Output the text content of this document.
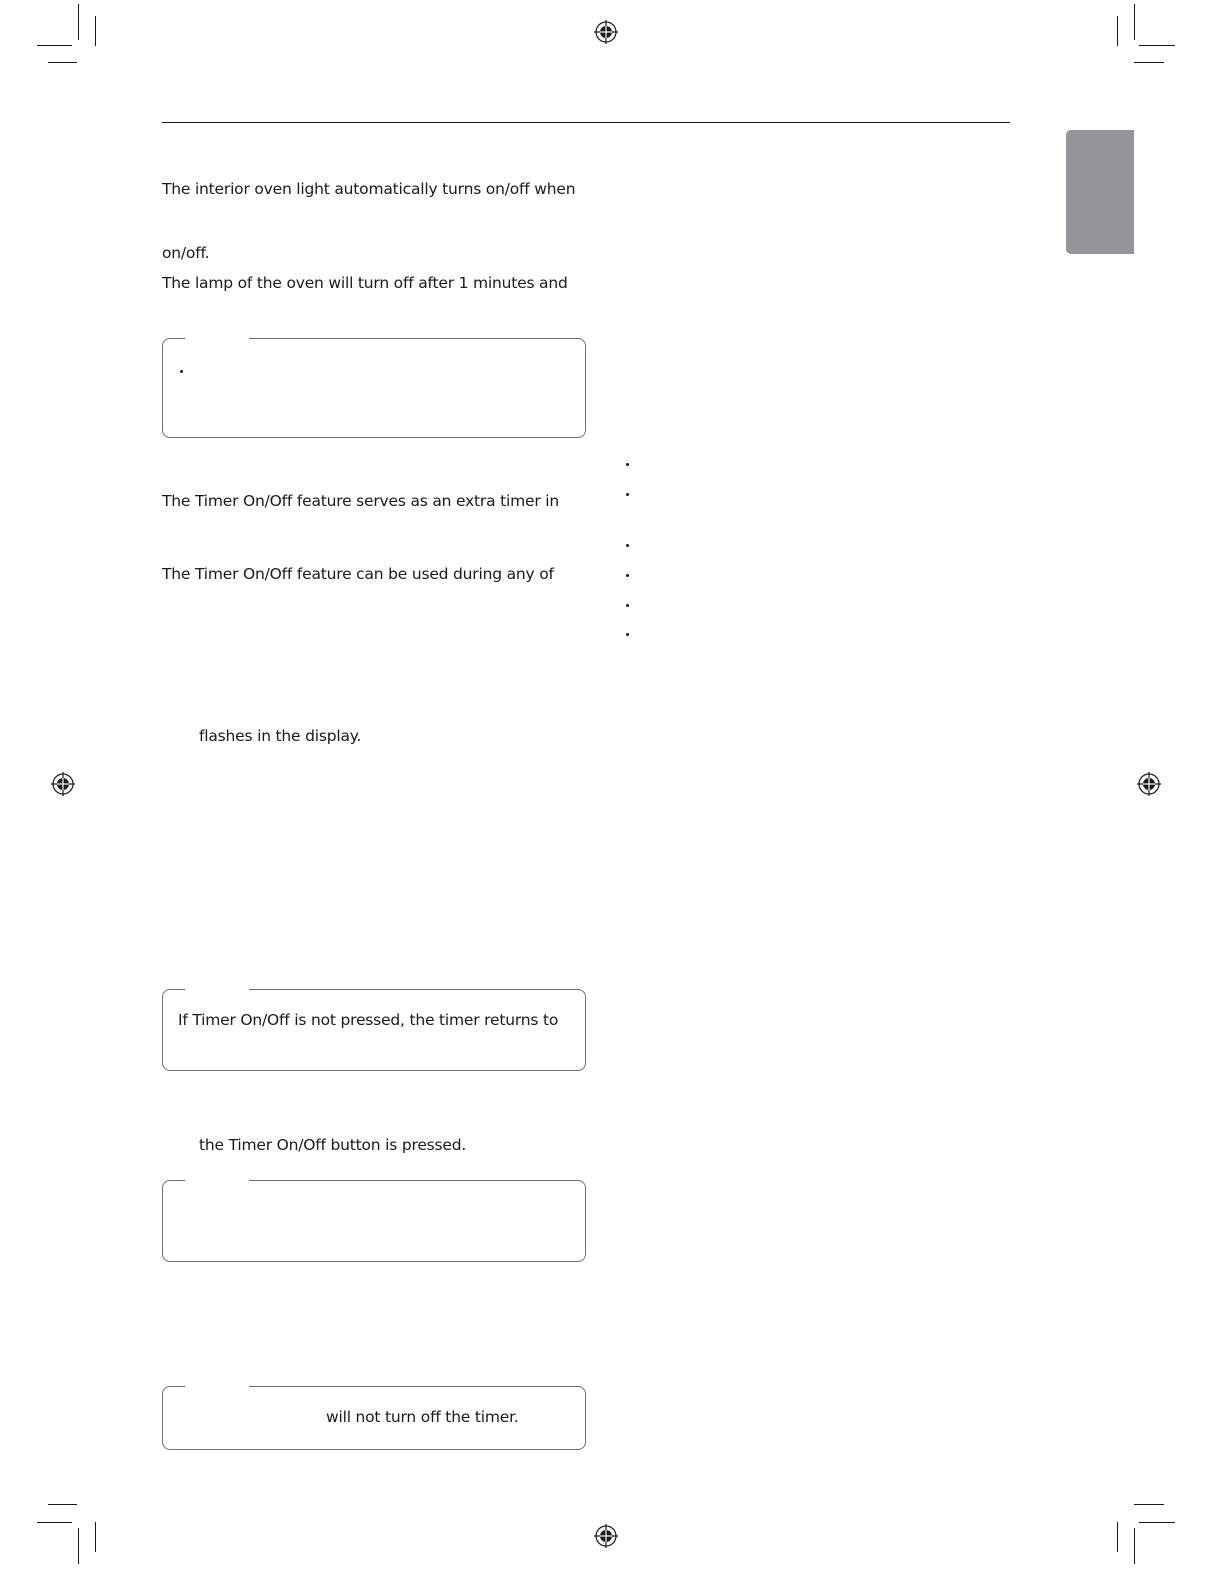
The interior oven light automatically turns on/off when
on/off.
The lamp of the oven will turn off after 1 minutes and
The Timer On/Off feature serves as an extra timer in
The Timer On/Off feature can be used during any of
flashes in the display.
If Timer On/Off is not pressed, the timer returns to
the Timer On/Off button is pressed.
will not turn off the timer.
